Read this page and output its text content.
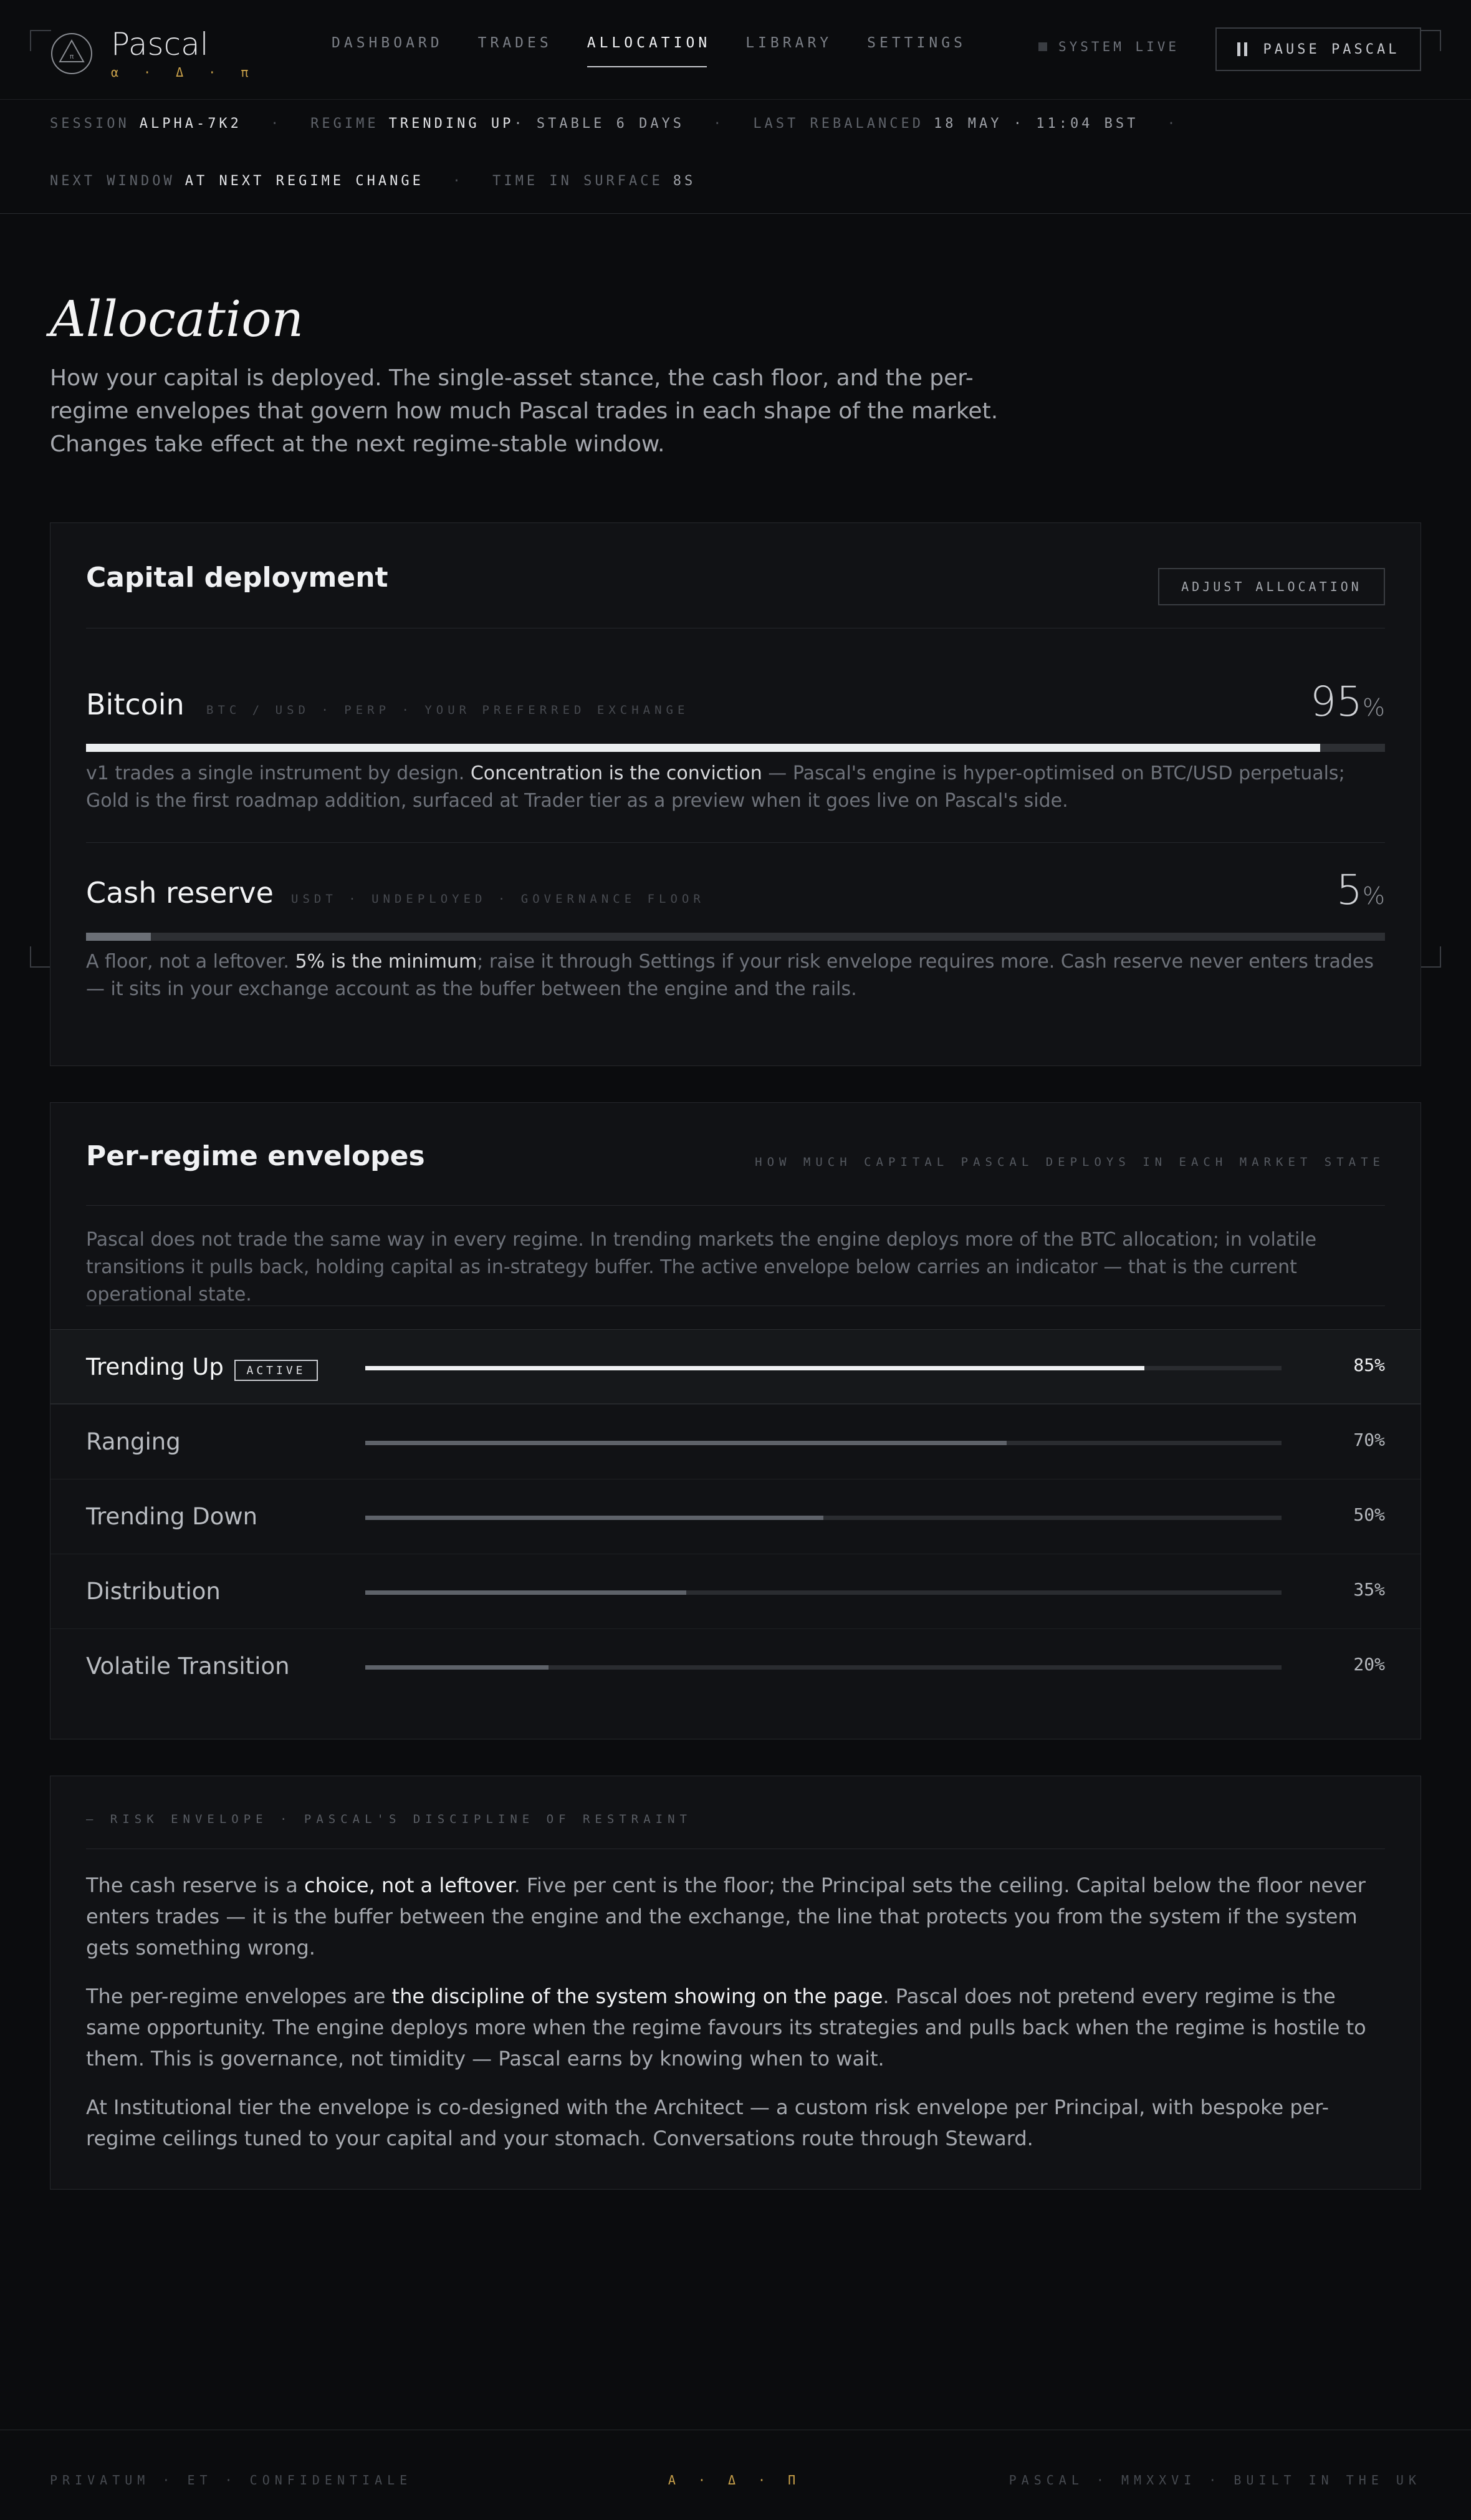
π Pascal
α · Δ · π
DASHBOARD TRADES ALLOCATION LIBRARY SETTINGS	SYSTEM LIVE	PAUSE PASCAL
SESSION ALPHA-7K2 · REGIME TRENDING UP · STABLE 6 DAYS · LAST REBALANCED 18 MAY · 11:04 BST ·
NEXT WINDOW AT NEXT REGIME CHANGE · TIME IN SURFACE 8S
Allocation

How your capital is deployed. The single-asset stance, the cash floor, and the per-regime envelopes that govern how much Pascal trades in each shape of the market. Changes take effect at the next regime-stable window.

Capital deployment	ADJUST ALLOCATION
Bitcoin BTC / USD · PERP · YOUR PREFERRED EXCHANGE	95%

v1 trades a single instrument by design. Concentration is the conviction — Pascal's engine is hyper-optimised on BTC/USD perpetuals; Gold is the first roadmap addition, surfaced at Trader tier as a preview when it goes live on Pascal's side.

Cash reserve USDT · UNDEPLOYED · GOVERNANCE FLOOR	5%

A floor, not a leftover. 5% is the minimum; raise it through Settings if your risk envelope requires more. Cash reserve never enters trades — it sits in your exchange account as the buffer between the engine and the rails.

Per-regime envelopes	HOW MUCH CAPITAL PASCAL DEPLOYS IN EACH MARKET STATE

Pascal does not trade the same way in every regime. In trending markets the engine deploys more of the BTC allocation; in volatile transitions it pulls back, holding capital as in-strategy buffer. The active envelope below carries an indicator — that is the current operational state.

Trending Up	ACTIVE	85%
Ranging	70%
Trending Down	50%
Distribution	35%
Volatile Transition	20%
— RISK ENVELOPE · PASCAL'S DISCIPLINE OF RESTRAINT

The cash reserve is a choice, not a leftover. Five per cent is the floor; the Principal sets the ceiling. Capital below the floor never enters trades — it is the buffer between the engine and the exchange, the line that protects you from the system if the system gets something wrong.

The per-regime envelopes are the discipline of the system showing on the page. Pascal does not pretend every regime is the same opportunity. The engine deploys more when the regime favours its strategies and pulls back when the regime is hostile to them. This is governance, not timidity — Pascal earns by knowing when to wait.

At Institutional tier the envelope is co-designed with the Architect — a custom risk envelope per Principal, with bespoke per-regime ceilings tuned to your capital and your stomach. Conversations route through Steward.

PRIVATUM · ET · CONFIDENTIALE	Α · Δ · Π	PASCAL · MMXXVI · BUILT IN THE UK
